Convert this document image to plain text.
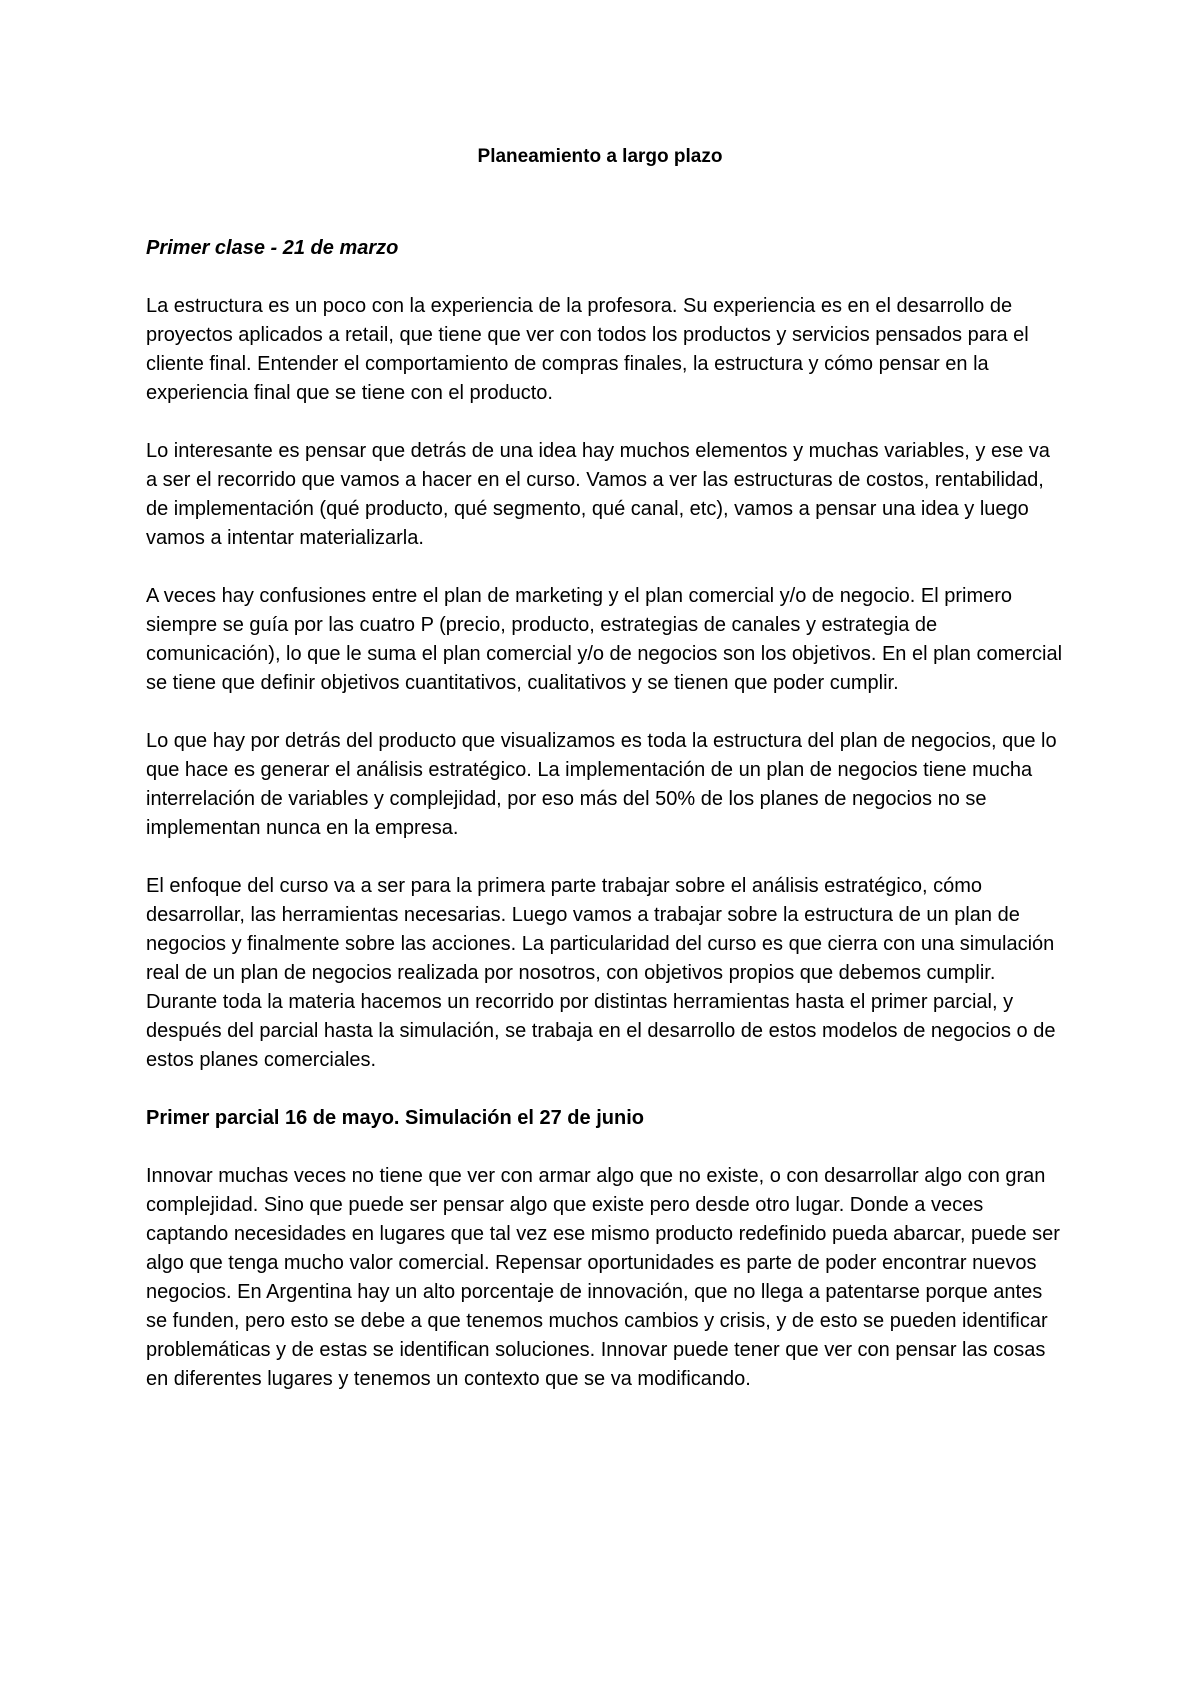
Planeamiento a largo plazo

Primer clase - 21 de marzo

La estructura es un poco con la experiencia de la profesora. Su experiencia es en el desarrollo de proyectos aplicados a retail, que tiene que ver con todos los productos y servicios pensados para el cliente final. Entender el comportamiento de compras finales, la estructura y cómo pensar en la experiencia final que se tiene con el producto.

Lo interesante es pensar que detrás de una idea hay muchos elementos y muchas variables, y ese va a ser el recorrido que vamos a hacer en el curso. Vamos a ver las estructuras de costos, rentabilidad, de implementación (qué producto, qué segmento, qué canal, etc), vamos a pensar una idea y luego vamos a intentar materializarla.

A veces hay confusiones entre el plan de marketing y el plan comercial y/o de negocio. El primero siempre se guía por las cuatro P (precio, producto, estrategias de canales y estrategia de comunicación), lo que le suma el plan comercial y/o de negocios son los objetivos. En el plan comercial se tiene que definir objetivos cuantitativos, cualitativos y se tienen que poder cumplir.

Lo que hay por detrás del producto que visualizamos es toda la estructura del plan de negocios, que lo que hace es generar el análisis estratégico. La implementación de un plan de negocios tiene mucha interrelación de variables y complejidad, por eso más del 50% de los planes de negocios no se implementan nunca en la empresa.

El enfoque del curso va a ser para la primera parte trabajar sobre el análisis estratégico, cómo desarrollar, las herramientas necesarias. Luego vamos a trabajar sobre la estructura de un plan de negocios y finalmente sobre las acciones. La particularidad del curso es que cierra con una simulación real de un plan de negocios realizada por nosotros, con objetivos propios que debemos cumplir.

Durante toda la materia hacemos un recorrido por distintas herramientas hasta el primer parcial, y después del parcial hasta la simulación, se trabaja en el desarrollo de estos modelos de negocios o de estos planes comerciales.

Primer parcial 16 de mayo. Simulación el 27 de junio

Innovar muchas veces no tiene que ver con armar algo que no existe, o con desarrollar algo con gran complejidad. Sino que puede ser pensar algo que existe pero desde otro lugar. Donde a veces captando necesidades en lugares que tal vez ese mismo producto redefinido pueda abarcar, puede ser algo que tenga mucho valor comercial. Repensar oportunidades es parte de poder encontrar nuevos negocios. En Argentina hay un alto porcentaje de innovación, que no llega a patentarse porque antes se funden, pero esto se debe a que tenemos muchos cambios y crisis, y de esto se pueden identificar problemáticas y de estas se identifican soluciones. Innovar puede tener que ver con pensar las cosas en diferentes lugares y tenemos un contexto que se va modificando.
